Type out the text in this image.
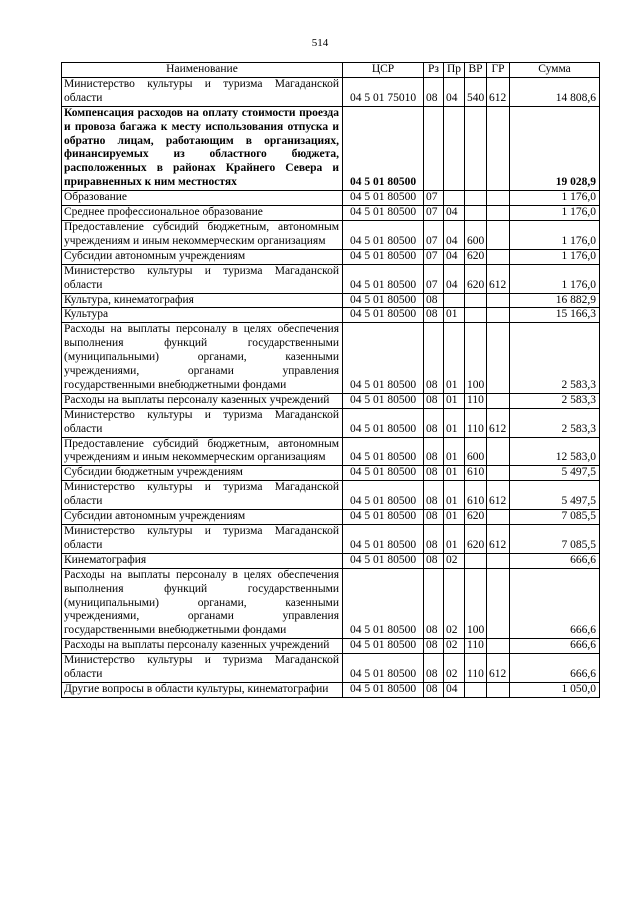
514
Наименование	ЦСР	Рз	Пр	ВР	ГР	Сумма
Министерство культуры и туризма Магаданской области	04 5 01 75010	08	04	540	612	14 808,6
Компенсация расходов на оплату стоимости проезда и провоза багажа к месту использования отпуска и обратно лицам, работающим в организациях, финансируемых из областного бюджета, расположенных в районах Крайнего Севера и приравненных к ним местностях	04 5 01 80500					19 028,9
Образование	04 5 01 80500	07				1 176,0
Среднее профессиональное образование	04 5 01 80500	07	04			1 176,0
Предоставление субсидий бюджетным, автономным учреждениям и иным некоммерческим организациям	04 5 01 80500	07	04	600		1 176,0
Субсидии автономным учреждениям	04 5 01 80500	07	04	620		1 176,0
Министерство культуры и туризма Магаданской области	04 5 01 80500	07	04	620	612	1 176,0
Культура, кинематография	04 5 01 80500	08				16 882,9
Культура	04 5 01 80500	08	01			15 166,3
Расходы на выплаты персоналу в целях обеспечения выполнения функций государственными (муниципальными) органами, казенными учреждениями, органами управления государственными внебюджетными фондами	04 5 01 80500	08	01	100		2 583,3
Расходы на выплаты персоналу казенных учреждений	04 5 01 80500	08	01	110		2 583,3
Министерство культуры и туризма Магаданской области	04 5 01 80500	08	01	110	612	2 583,3
Предоставление субсидий бюджетным, автономным учреждениям и иным некоммерческим организациям	04 5 01 80500	08	01	600		12 583,0
Субсидии бюджетным учреждениям	04 5 01 80500	08	01	610		5 497,5
Министерство культуры и туризма Магаданской области	04 5 01 80500	08	01	610	612	5 497,5
Субсидии автономным учреждениям	04 5 01 80500	08	01	620		7 085,5
Министерство культуры и туризма Магаданской области	04 5 01 80500	08	01	620	612	7 085,5
Кинематография	04 5 01 80500	08	02			666,6
Расходы на выплаты персоналу в целях обеспечения выполнения функций государственными (муниципальными) органами, казенными учреждениями, органами управления государственными внебюджетными фондами	04 5 01 80500	08	02	100		666,6
Расходы на выплаты персоналу казенных учреждений	04 5 01 80500	08	02	110		666,6
Министерство культуры и туризма Магаданской области	04 5 01 80500	08	02	110	612	666,6
Другие вопросы в области культуры, кинематографии	04 5 01 80500	08	04			1 050,0
